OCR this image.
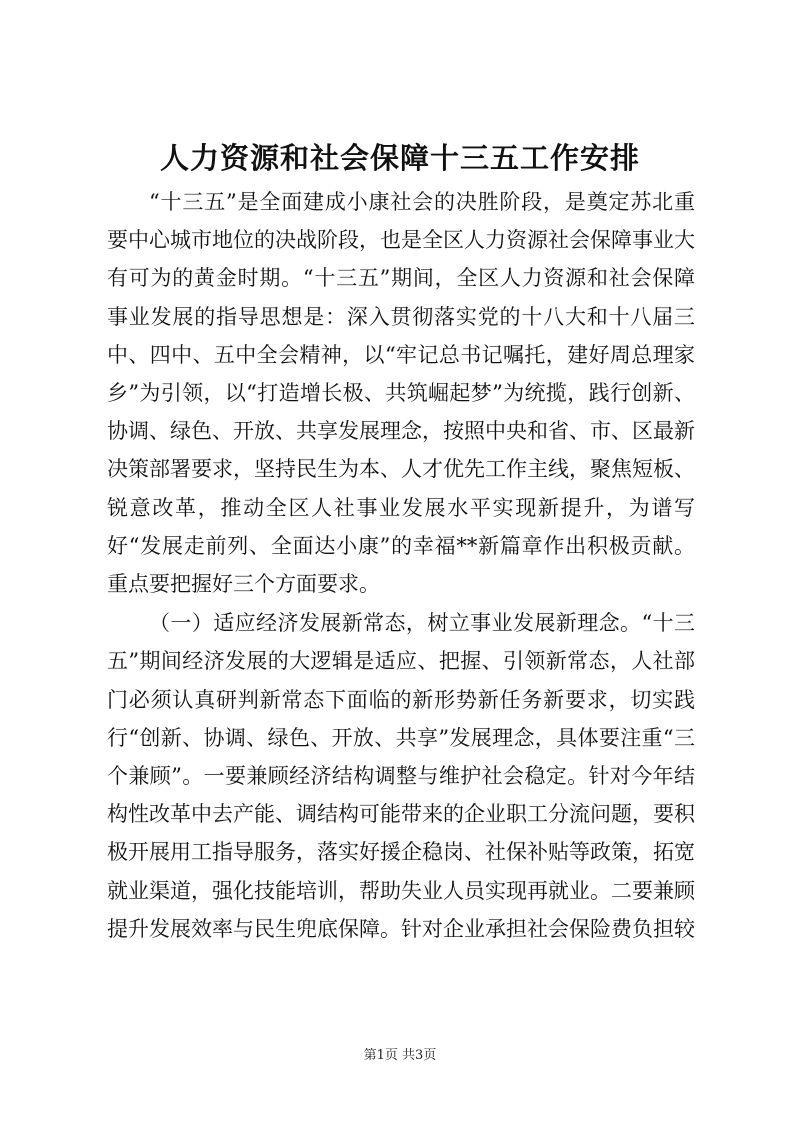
人力资源和社会保障十三五工作安排

“十三五”是全面建成小康社会的决胜阶段，是奠定苏北重要中心城市地位的决战阶段，也是全区人力资源社会保障事业大有可为的黄金时期。“十三五”期间，全区人力资源和社会保障事业发展的指导思想是：深入贯彻落实党的十八大和十八届三中、四中、五中全会精神，以“牢记总书记嘱托，建好周总理家乡”为引领，以“打造增长极、共筑崛起梦”为统揽，践行创新、协调、绿色、开放、共享发展理念，按照中央和省、市、区最新决策部署要求，坚持民生为本、人才优先工作主线，聚焦短板、锐意改革，推动全区人社事业发展水平实现新提升，为谱写好“发展走前列、全面达小康”的幸福**新篇章作出积极贡献。重点要把握好三个方面要求。

（一）适应经济发展新常态，树立事业发展新理念。“十三五”期间经济发展的大逻辑是适应、把握、引领新常态，人社部门必须认真研判新常态下面临的新形势新任务新要求，切实践行“创新、协调、绿色、开放、共享”发展理念，具体要注重“三个兼顾”。一要兼顾经济结构调整与维护社会稳定。针对今年结构性改革中去产能、调结构可能带来的企业职工分流问题，要积极开展用工指导服务，落实好援企稳岗、社保补贴等政策，拓宽就业渠道，强化技能培训，帮助失业人员实现再就业。二要兼顾提升发展效率与民生兜底保障。针对企业承担社会保险费负担较

第1页 共3页
